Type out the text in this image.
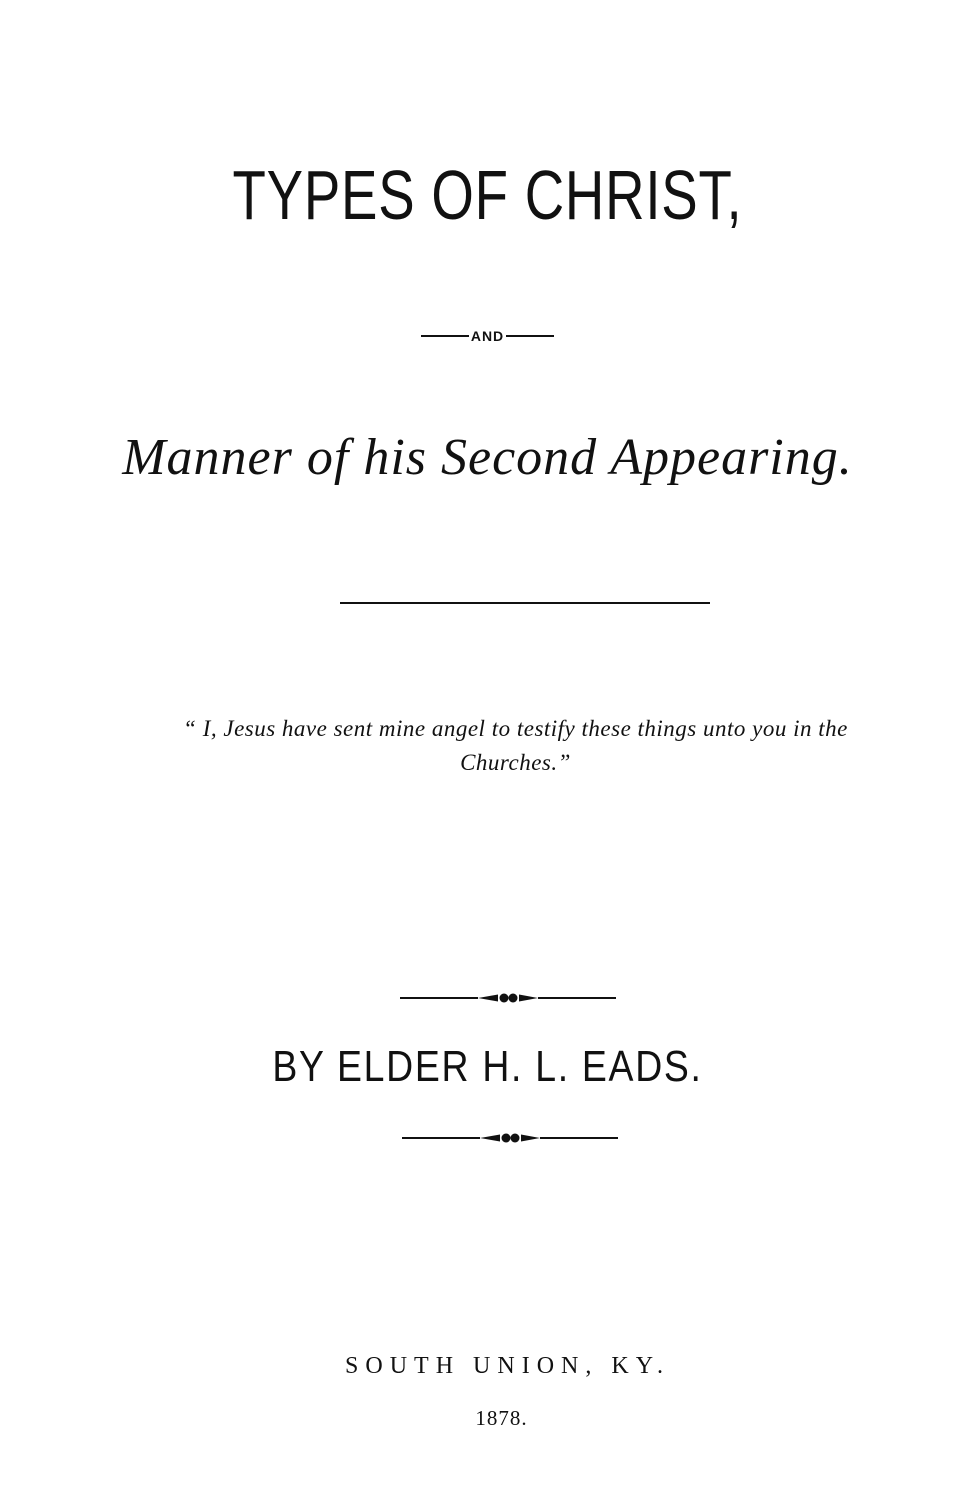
TYPES OF CHRIST,
AND
Manner of his Second Appearing.
“ I, Jesus have sent mine angel to testify these things unto you in the Churches.”
BY ELDER H. L. EADS.
SOUTH UNION, KY.
1878.
